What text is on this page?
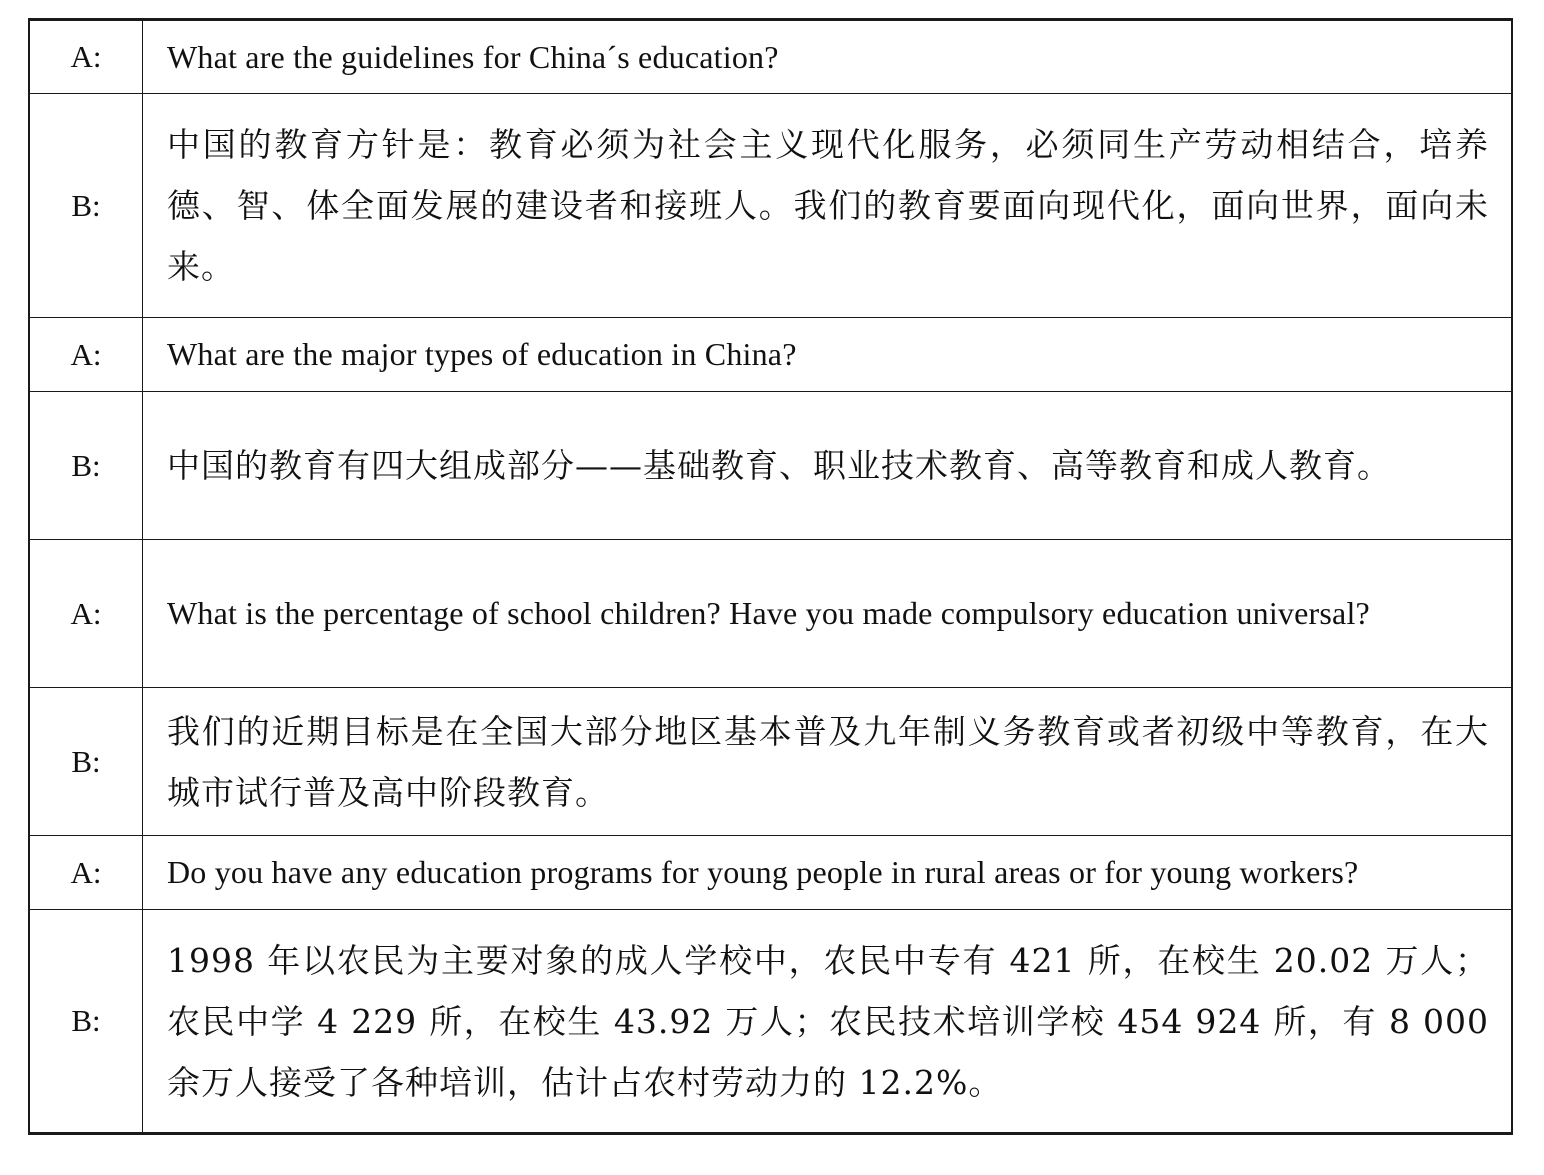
A:	What are the guidelines for China´s education?
B:	中国的教育方针是：教育必须为社会主义现代化服务，必须同生产劳动相结合，培养德、智、体全面发展的建设者和接班人。我们的教育要面向现代化，面向世界，面向未来。
A:	What are the major types of education in China?
B:	中国的教育有四大组成部分——基础教育、职业技术教育、高等教育和成人教育。
A:	What is the percentage of school children? Have you made compulsory education universal?
B:	我们的近期目标是在全国大部分地区基本普及九年制义务教育或者初级中等教育，在大城市试行普及高中阶段教育。
A:	Do you have any education programs for young people in rural areas or for young workers?
B:	1998 年以农民为主要对象的成人学校中，农民中专有 421 所，在校生 20.02 万人；农民中学 4 229 所，在校生 43.92 万人；农民技术培训学校 454 924 所，有 8 000余万人接受了各种培训，估计占农村劳动力的 12.2%。
